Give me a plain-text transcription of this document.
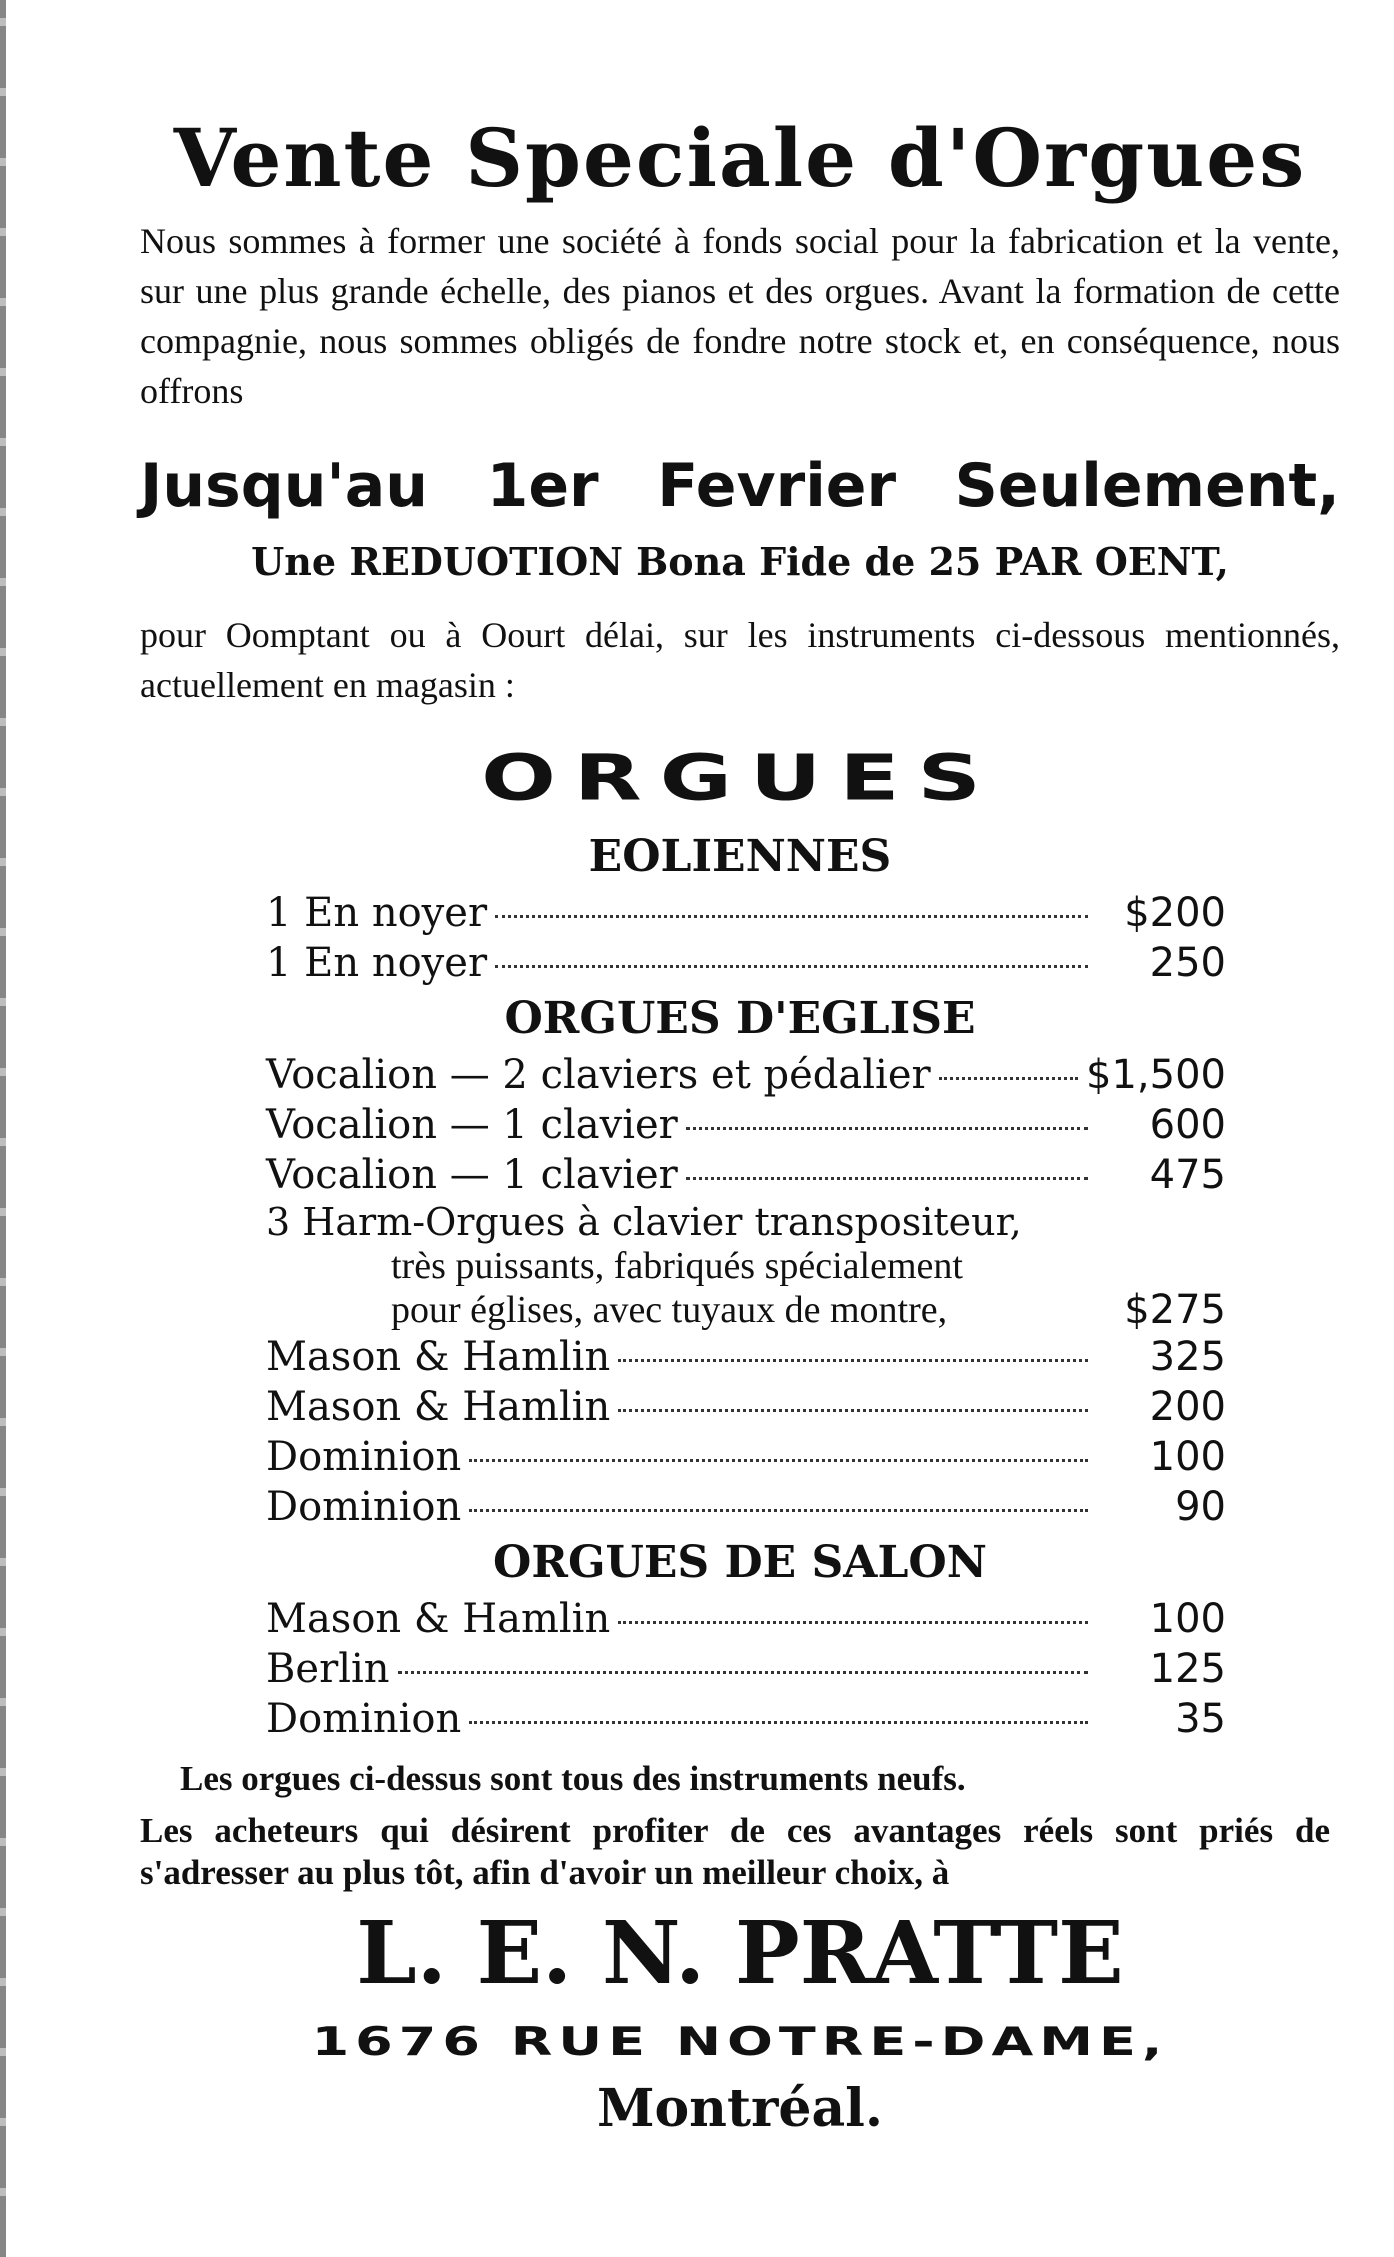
Vente Speciale d'Orgues

Nous sommes à former une société à fonds social pour la fabrication et la vente, sur une plus grande échelle, des pianos et des orgues. Avant la formation de cette compagnie, nous sommes obligés de fondre notre stock et, en conséquence, nous offrons

Jusqu'au 1er Fevrier Seulement,
Une REDUOTION Bona Fide de 25 PAR OENT,

pour Oomptant ou à Oourt délai, sur les instruments ci-dessous mentionnés, actuellement en magasin :

ORGUES
EOLIENNES
1 En noyer	$200
1 En noyer	250
ORGUES D'EGLISE
Vocalion — 2 claviers et pédalier	$1,500
Vocalion — 1 clavier	600
Vocalion — 1 clavier	475
3 Harm-Orgues à clavier transpositeur,
très puissants, fabriqués spécialement
pour églises, avec tuyaux de montre,	$275
Mason & Hamlin	325
Mason & Hamlin	200
Dominion	100
Dominion	90
ORGUES DE SALON
Mason & Hamlin	100
Berlin	125
Dominion	35

Les orgues ci-dessus sont tous des instruments neufs.

Les acheteurs qui désirent profiter de ces avantages réels sont priés de s'adresser au plus tôt, afin d'avoir un meilleur choix, à

L. E. N. PRATTE
1676 RUE NOTRE-DAME,
Montréal.
